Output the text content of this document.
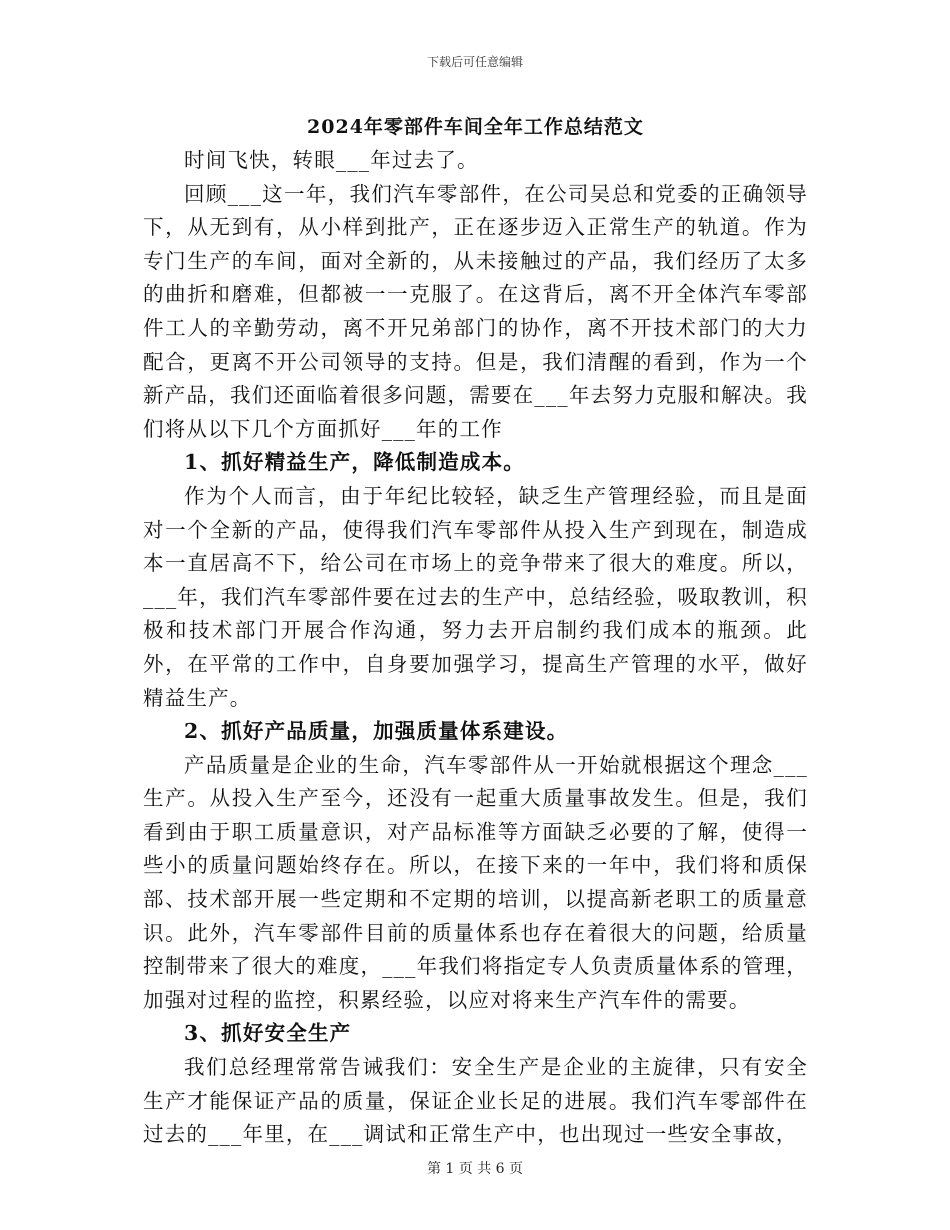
下载后可任意编辑
2024年零部件车间全年工作总结范文

时间飞快，转眼___年过去了。

回顾___这一年，我们汽车零部件，在公司吴总和党委的正确领导下，从无到有，从小样到批产，正在逐步迈入正常生产的轨道。作为专门生产的车间，面对全新的，从未接触过的产品，我们经历了太多的曲折和磨难，但都被一一克服了。在这背后，离不开全体汽车零部件工人的辛勤劳动，离不开兄弟部门的协作，离不开技术部门的大力配合，更离不开公司领导的支持。但是，我们清醒的看到，作为一个新产品，我们还面临着很多问题，需要在___年去努力克服和解决。我们将从以下几个方面抓好___年的工作

1、抓好精益生产，降低制造成本。

作为个人而言，由于年纪比较轻，缺乏生产管理经验，而且是面对一个全新的产品，使得我们汽车零部件从投入生产到现在，制造成本一直居高不下，给公司在市场上的竞争带来了很大的难度。所以，___年，我们汽车零部件要在过去的生产中，总结经验，吸取教训，积极和技术部门开展合作沟通，努力去开启制约我们成本的瓶颈。此外，在平常的工作中，自身要加强学习，提高生产管理的水平，做好精益生产。

2、抓好产品质量，加强质量体系建设。

产品质量是企业的生命，汽车零部件从一开始就根据这个理念___生产。从投入生产至今，还没有一起重大质量事故发生。但是，我们看到由于职工质量意识，对产品标准等方面缺乏必要的了解，使得一些小的质量问题始终存在。所以，在接下来的一年中，我们将和质保部、技术部开展一些定期和不定期的培训，以提高新老职工的质量意识。此外，汽车零部件目前的质量体系也存在着很大的问题，给质量控制带来了很大的难度，___年我们将指定专人负责质量体系的管理，加强对过程的监控，积累经验，以应对将来生产汽车件的需要。

3、抓好安全生产

我们总经理常常告诫我们：安全生产是企业的主旋律，只有安全生产才能保证产品的质量，保证企业长足的进展。我们汽车零部件在过去的___年里，在___调试和正常生产中，也出现过一些安全事故，

第 1 页 共 6 页
